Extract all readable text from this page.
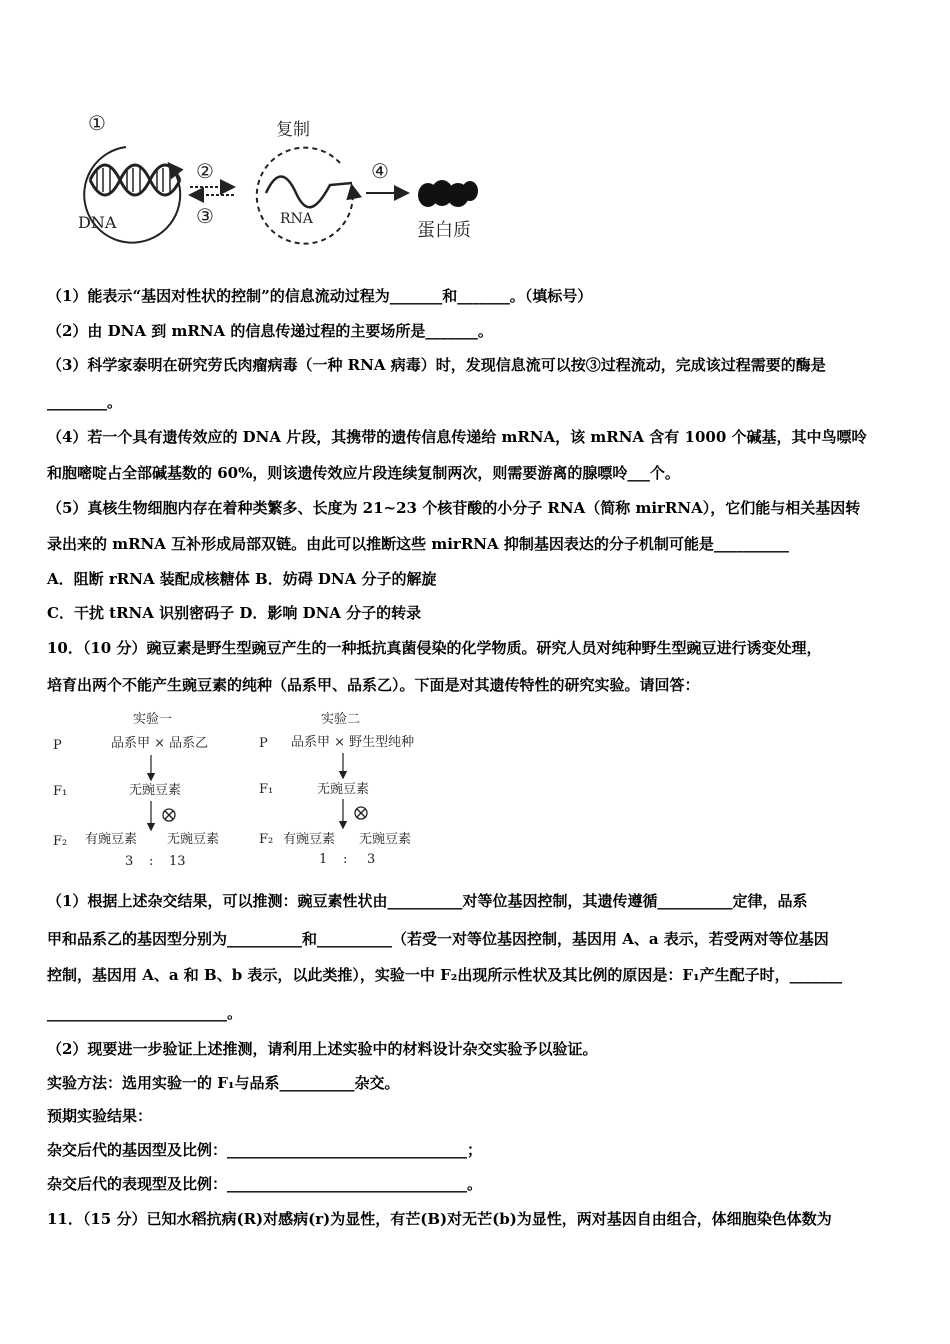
①
DNA
②
③
复制
RNA
④
蛋白质
（1）能表示“基因对性状的控制”的信息流动过程为_______和_______。（填标号）
（2）由 DNA 到 mRNA 的信息传递过程的主要场所是_______。
（3）科学家泰明在研究劳氏肉瘤病毒（一种 RNA 病毒）时，发现信息流可以按③过程流动，完成该过程需要的酶是
________。
（4）若一个具有遗传效应的 DNA 片段，其携带的遗传信息传递给 mRNA，该 mRNA 含有 1000 个碱基，其中鸟嘌呤
和胞嘧啶占全部碱基数的 60%，则该遗传效应片段连续复制两次，则需要游离的腺嘌呤___个。
（5）真核生物细胞内存在着种类繁多、长度为 21~23 个核苷酸的小分子 RNA（简称 mirRNA），它们能与相关基因转
录出来的 mRNA 互补形成局部双链。由此可以推断这些 mirRNA 抑制基因表达的分子机制可能是__________
A．阻断 rRNA 装配成核糖体 B．妨碍 DNA 分子的解旋
C．干扰 tRNA 识别密码子 D．影响 DNA 分子的转录
10．（10 分）豌豆素是野生型豌豆产生的一种抵抗真菌侵染的化学物质。研究人员对纯种野生型豌豆进行诱变处理，
培育出两个不能产生豌豆素的纯种（品系甲、品系乙）。下面是对其遗传特性的研究实验。请回答：
实验一
P	品系甲 × 品系乙
F₁	无豌豆素
F₂ 有豌豆素 无豌豆素
3 : 13
实验二
P 品系甲 × 野生型纯种
F₁	无豌豆素
F₂ 有豌豆素 无豌豆素
1 : 3
（1）根据上述杂交结果，可以推测：豌豆素性状由__________对等位基因控制，其遗传遵循__________定律，品系
甲和品系乙的基因型分别为__________和__________（若受一对等位基因控制，基因用 A、a 表示，若受两对等位基因
控制，基因用 A、a 和 B、b 表示，以此类推），实验一中 F₂出现所示性状及其比例的原因是：F₁产生配子时，_______
________________________。
（2）现要进一步验证上述推测，请利用上述实验中的材料设计杂交实验予以验证。
实验方法：选用实验一的 F₁与品系__________杂交。
预期实验结果：
杂交后代的基因型及比例：________________________________；
杂交后代的表现型及比例：________________________________。
11．（15 分）已知水稻抗病(R)对感病(r)为显性，有芒(B)对无芒(b)为显性，两对基因自由组合，体细胞染色体数为
